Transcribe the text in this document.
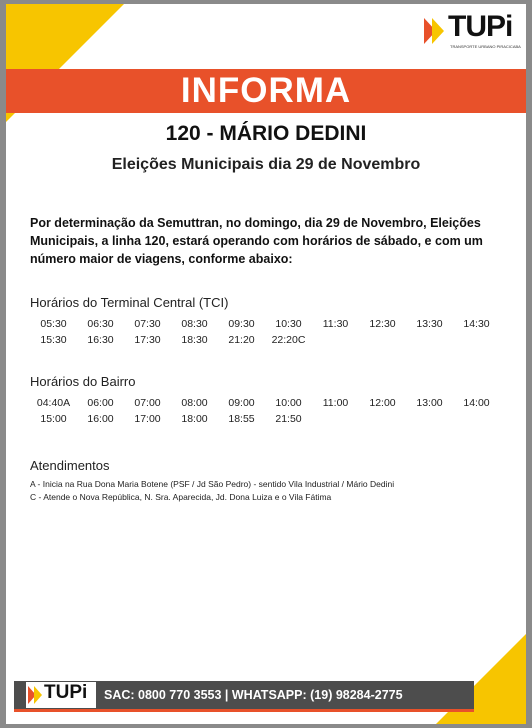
TUPi
TRANSPORTE URBANO PIRACICABA
INFORMA
120 - MÁRIO DEDINI
Eleições Municipais dia 29 de Novembro
Por determinação da Semuttran, no domingo, dia 29 de Novembro, Eleições Municipais, a linha 120, estará operando com horários de sábado, e com um número maior de viagens, conforme abaixo:
Horários do Terminal Central (TCI)
05:30	06:30	07:30	08:30	09:30	10:30	11:30	12:30	13:30	14:30
15:30	16:30	17:30	18:30	21:20	22:20C
Horários do Bairro
04:40A	06:00	07:00	08:00	09:00	10:00	11:00	12:00	13:00	14:00
15:00	16:00	17:00	18:00	18:55	21:50
Atendimentos
A - Inicia na Rua Dona Maria Botene (PSF / Jd São Pedro) - sentido Vila Industrial / Mário Dedini
C - Atende o Nova República, N. Sra. Aparecida, Jd. Dona Luiza e o Vila Fátima
TUPi SAC: 0800 770 3553 | WHATSAPP: (19) 98284-2775
